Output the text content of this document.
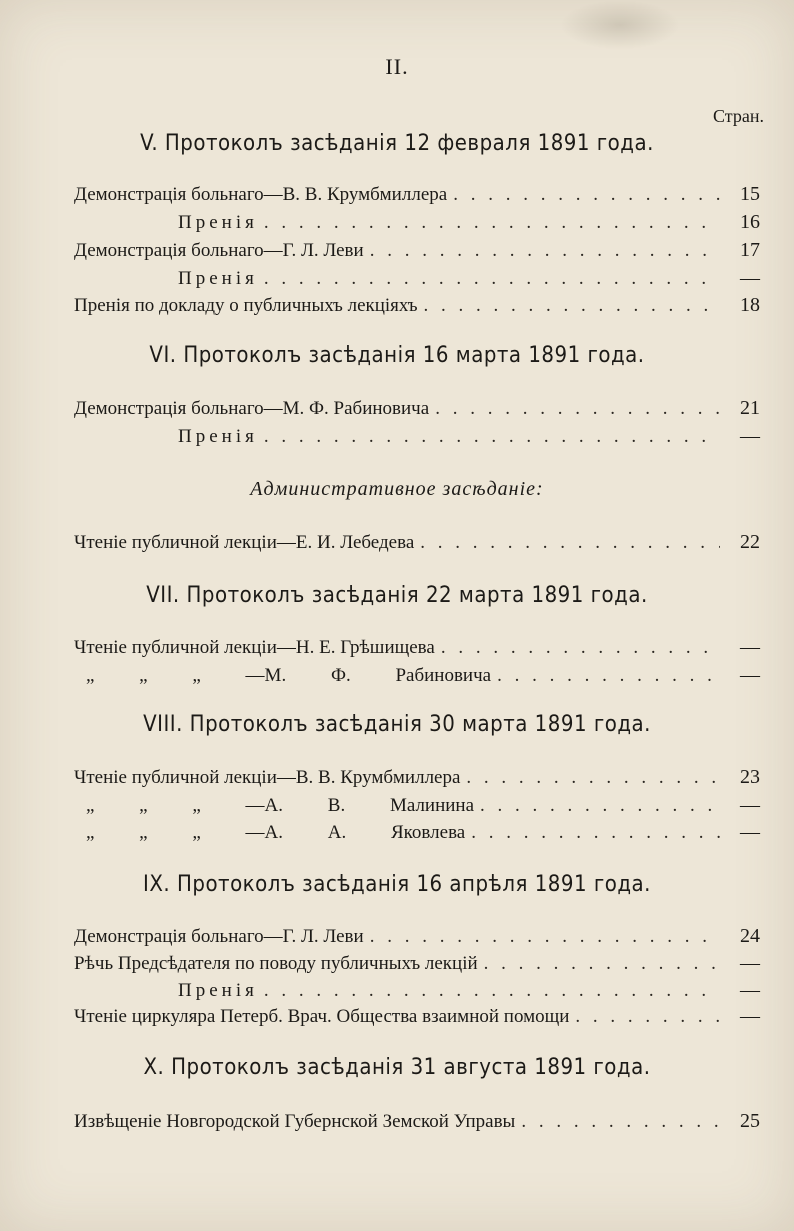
II.
Стран.
V. Протоколъ засѣданія 12 февраля 1891 года.
Демонстрація больнаго—В. В. Крумбмиллера . . .	15
Пренія . . .	16
Демонстрація больнаго—Г. Л. Леви . . .	17
Пренія . . .	—
Пренія по докладу о публичныхъ лекціяхъ . . .	18
VI. Протоколъ засѣданія 16 марта 1891 года.
Демонстрація больнаго—М. Ф. Рабиновича . . .	21
Пренія . . .	—
Административное засѣданіе:
Чтеніе публичной лекціи—Е. И. Лебедева . . .	22
VII. Протоколъ засѣданія 22 марта 1891 года.
Чтеніе публичной лекціи—Н. Е. Грѣшищева . . .	—
„ „ „ —М. Ф. Рабиновича . . .	—
VIII. Протоколъ засѣданія 30 марта 1891 года.
Чтеніе публичной лекціи—В. В. Крумбмиллера . . .	23
„ „ „ —А. В. Малинина . . .	—
„ „ „ —А. А. Яковлева . . .	—
IX. Протоколъ засѣданія 16 апрѣля 1891 года.
Демонстрація больнаго—Г. Л. Леви . . .	24
Рѣчь Предсѣдателя по поводу публичныхъ лекцій . . .	—
Пренія . . .	—
Чтеніе циркуляра Петерб. Врач. Общества взаимной помощи . . .	—
X. Протоколъ засѣданія 31 августа 1891 года.
Извѣщеніе Новгородской Губернской Земской Управы . . .	25
